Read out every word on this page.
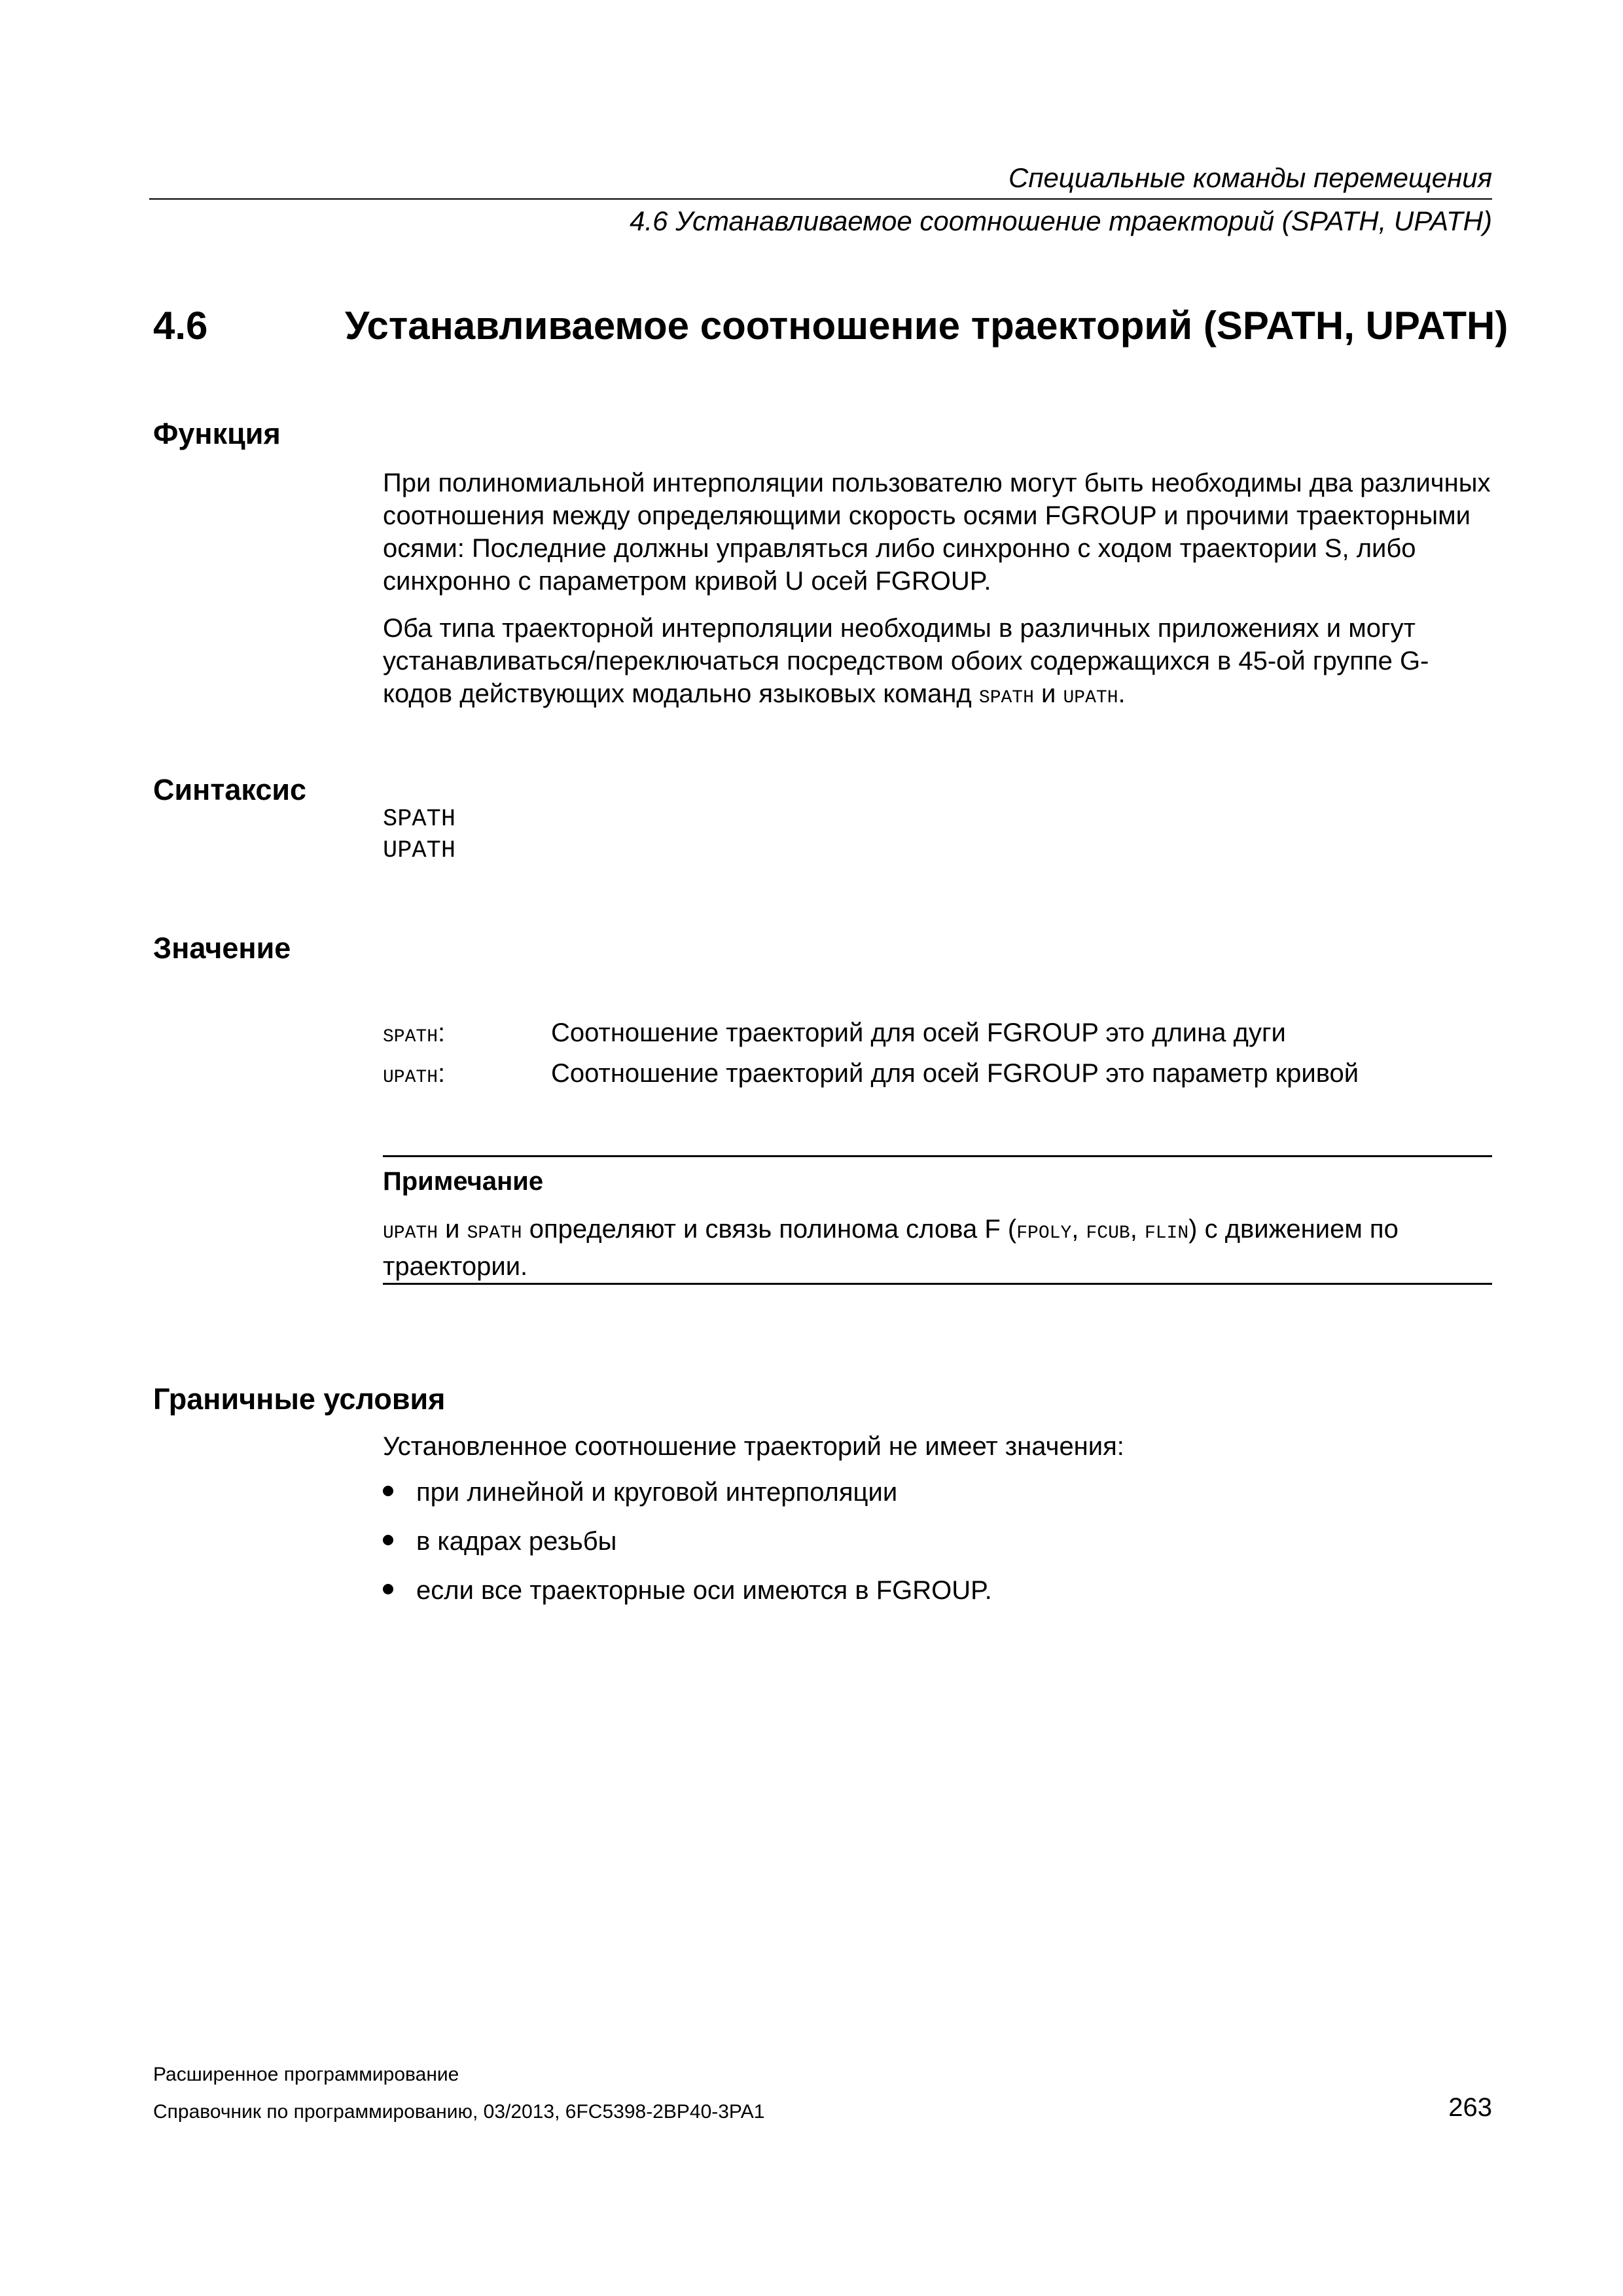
Специальные команды перемещения
4.6 Устанавливаемое соотношение траекторий (SPATH, UPATH)
4.6	Устанавливаемое соотношение траекторий (SPATH, UPATH)
Функция

При полиномиальной интерполяции пользователю могут быть необходимы два различных соотношения между определяющими скорость осями FGROUP и прочими траекторными осями: Последние должны управляться либо синхронно с ходом траектории S, либо синхронно с параметром кривой U осей FGROUP.

Оба типа траекторной интерполяции необходимы в различных приложениях и могут устанавливаться/переключаться посредством обоих содержащихся в 45-ой группе G-кодов действующих модально языковых команд SPATH и UPATH.

Синтаксис
SPATH
UPATH
Значение
SPATH:	Соотношение траекторий для осей FGROUP это длина дуги
UPATH:	Соотношение траекторий для осей FGROUP это параметр кривой
Примечание
UPATH и SPATH определяют и связь полинома слова F (FPOLY, FCUB, FLIN) с движением по траектории.
Граничные условия
Установленное соотношение траекторий не имеет значения:
при линейной и круговой интерполяции
в кадрах резьбы
если все траекторные оси имеются в FGROUP.
Расширенное программирование
Справочник по программированию, 03/2013, 6FC5398-2BP40-3PA1	263
